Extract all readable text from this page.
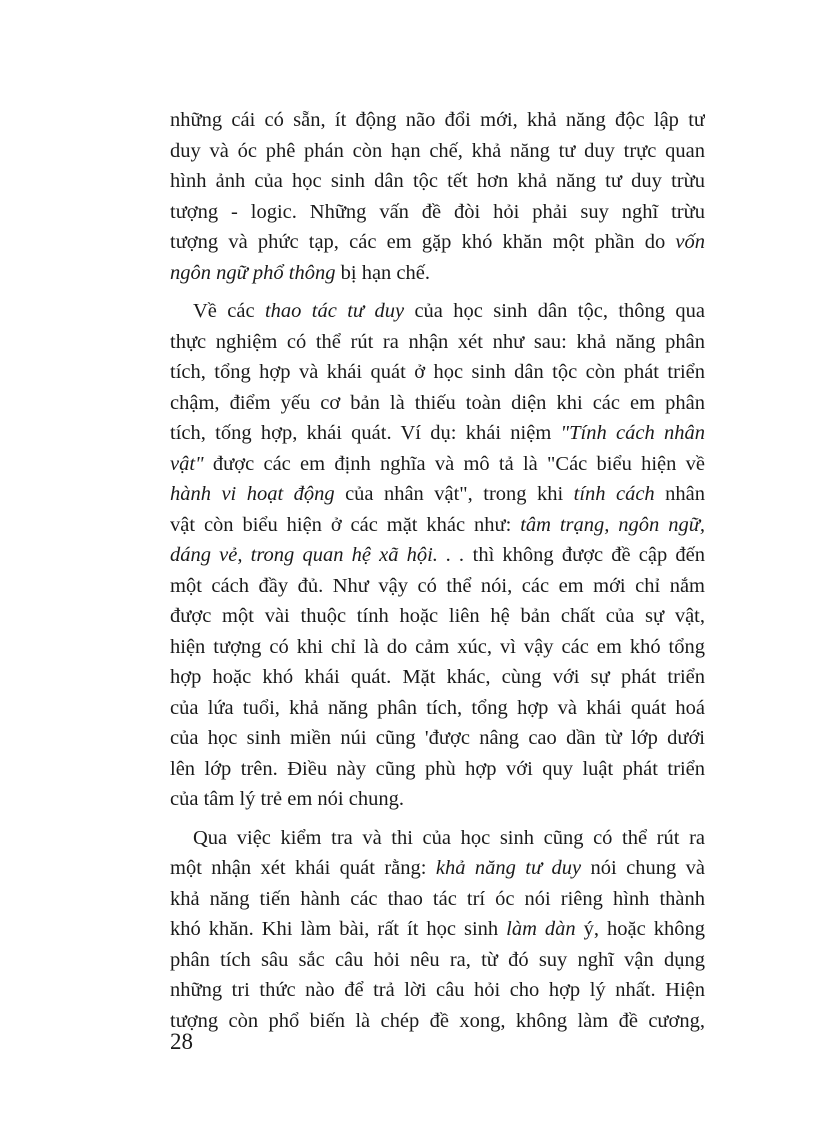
những cái có sẵn, ít động não đổi mới, khả năng độc lập tư
duy và óc phê phán còn hạn chế, khả năng tư duy trực quan
hình ảnh của học sinh dân tộc tết hơn khả năng tư duy trừu
tượng - logic. Những vấn đề đòi hỏi phải suy nghĩ trừu
tượng và phức tạp, các em gặp khó khăn một phần do vốn
ngôn ngữ phổ thông bị hạn chế.
Về các thao tác tư duy của học sinh dân tộc, thông qua
thực nghiệm có thể rút ra nhận xét như sau: khả năng phân
tích, tổng hợp và khái quát ở học sinh dân tộc còn phát triển
chậm, điểm yếu cơ bản là thiếu toàn diện khi các em phân
tích, tống hợp, khái quát. Ví dụ: khái niệm "Tính cách nhân
vật" được các em định nghĩa và mô tả là "Các biểu hiện về
hành vi hoạt động của nhân vật", trong khi tính cách nhân
vật còn biểu hiện ở các mặt khác như: tâm trạng, ngôn ngữ,
dáng vẻ, trong quan hệ xã hội. . . thì không được đề cập đến
một cách đầy đủ. Như vậy có thể nói, các em mới chỉ nắm
được một vài thuộc tính hoặc liên hệ bản chất của sự vật,
hiện tượng có khi chỉ là do cảm xúc, vì vậy các em khó tổng
hợp hoặc khó khái quát. Mặt khác, cùng với sự phát triển
của lứa tuổi, khả năng phân tích, tổng hợp và khái quát hoá
của học sinh miền núi cũng 'được nâng cao dần từ lớp dưới
lên lớp trên. Điều này cũng phù hợp với quy luật phát triển
của tâm lý trẻ em nói chung.
Qua việc kiểm tra và thi của học sinh cũng có thể rút ra
một nhận xét khái quát rằng: khả năng tư duy nói chung và
khả năng tiến hành các thao tác trí óc nói riêng hình thành
khó khăn. Khi làm bài, rất ít học sinh làm dàn ý, hoặc không
phân tích sâu sắc câu hỏi nêu ra, từ đó suy nghĩ vận dụng
những tri thức nào để trả lời câu hỏi cho hợp lý nhất. Hiện
tượng còn phổ biến là chép đề xong, không làm đề cương,
28
